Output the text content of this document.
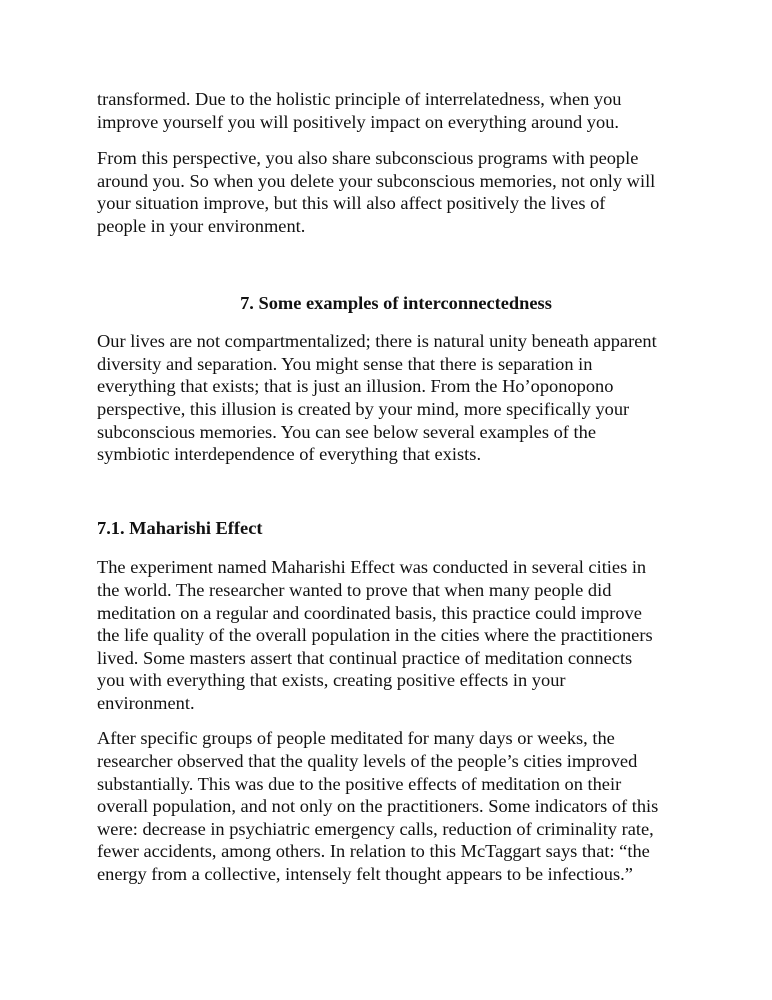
transformed. Due to the holistic principle of interrelatedness, when you
improve yourself you will positively impact on everything around you.

From this perspective, you also share subconscious programs with people
around you. So when you delete your subconscious memories, not only will
your situation improve, but this will also affect positively the lives of
people in your environment.

7. Some examples of interconnectedness

Our lives are not compartmentalized; there is natural unity beneath apparent
diversity and separation. You might sense that there is separation in
everything that exists; that is just an illusion. From the Ho’oponopono
perspective, this illusion is created by your mind, more specifically your
subconscious memories. You can see below several examples of the
symbiotic interdependence of everything that exists.

7.1. Maharishi Effect

The experiment named Maharishi Effect was conducted in several cities in
the world. The researcher wanted to prove that when many people did
meditation on a regular and coordinated basis, this practice could improve
the life quality of the overall population in the cities where the practitioners
lived. Some masters assert that continual practice of meditation connects
you with everything that exists, creating positive effects in your
environment.

After specific groups of people meditated for many days or weeks, the
researcher observed that the quality levels of the people’s cities improved
substantially. This was due to the positive effects of meditation on their
overall population, and not only on the practitioners. Some indicators of this
were: decrease in psychiatric emergency calls, reduction of criminality rate,
fewer accidents, among others. In relation to this McTaggart says that: “the
energy from a collective, intensely felt thought appears to be infectious.”
